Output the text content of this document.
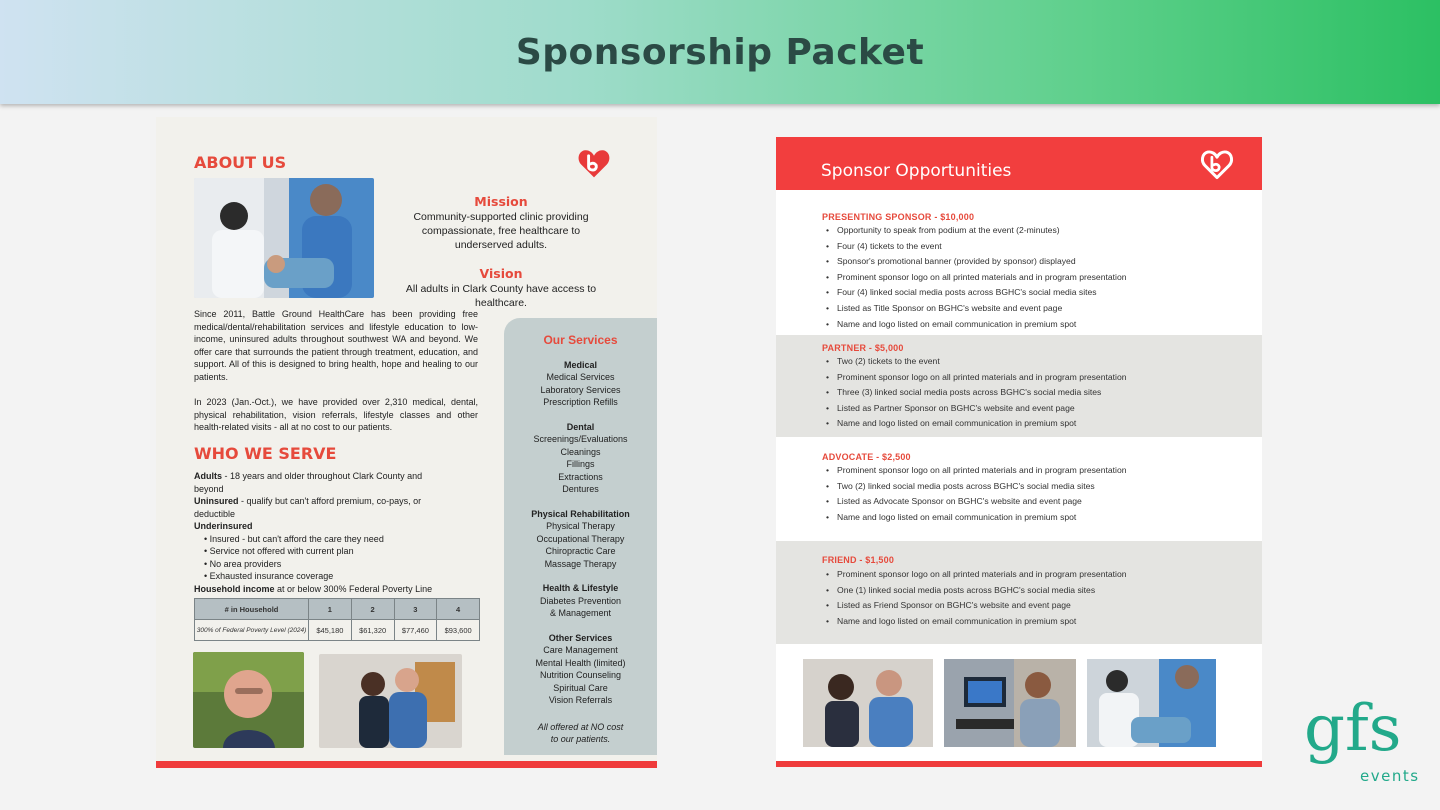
Sponsorship Packet
ABOUT US
Mission
Community-supported clinic providing compassionate, free healthcare to underserved adults.
Vision
All adults in Clark County have access to healthcare.
Since 2011, Battle Ground HealthCare has been providing free medical/dental/rehabilitation services and lifestyle education to low-income, uninsured adults throughout southwest WA and beyond. We offer care that surrounds the patient through treatment, education, and support. All of this is designed to bring health, hope and healing to our patients.
In 2023 (Jan.-Oct.), we have provided over 2,310 medical, dental, physical rehabilitation, vision referrals, lifestyle classes and other health-related visits - all at no cost to our patients.
WHO WE SERVE
Adults - 18 years and older throughout Clark County and beyond
Uninsured - qualify but can't afford premium, co-pays, or deductible
Underinsured
• Insured - but can't afford the care they need
• Service not offered with current plan
• No area providers
• Exhausted insurance coverage
Household income at or below 300% Federal Poverty Line
# in Household	1	2	3	4
300% of Federal Poverty Level (2024)	$45,180	$61,320	$77,460	$93,600
Our Services
Medical
Medical Services
Laboratory Services
Prescription Refills
Dental
Screenings/Evaluations
Cleanings
Fillings
Extractions
Dentures
Physical Rehabilitation
Physical Therapy
Occupational Therapy
Chiropractic Care
Massage Therapy
Health & Lifestyle
Diabetes Prevention
& Management
Other Services
Care Management
Mental Health (limited)
Nutrition Counseling
Spiritual Care
Vision Referrals
All offered at NO cost
to our patients.
Sponsor Opportunities
PRESENTING SPONSOR - $10,000
• Opportunity to speak from podium at the event (2-minutes)
• Four (4) tickets to the event
• Sponsor's promotional banner (provided by sponsor) displayed
• Prominent sponsor logo on all printed materials and in program presentation
• Four (4) linked social media posts across BGHC's social media sites
• Listed as Title Sponsor on BGHC's website and event page
• Name and logo listed on email communication in premium spot
PARTNER - $5,000
• Two (2) tickets to the event
• Prominent sponsor logo on all printed materials and in program presentation
• Three (3) linked social media posts across BGHC's social media sites
• Listed as Partner Sponsor on BGHC's website and event page
• Name and logo listed on email communication in premium spot
ADVOCATE - $2,500
• Prominent sponsor logo on all printed materials and in program presentation
• Two (2) linked social media posts across BGHC's social media sites
• Listed as Advocate Sponsor on BGHC's website and event page
• Name and logo listed on email communication in premium spot
FRIEND - $1,500
• Prominent sponsor logo on all printed materials and in program presentation
• One (1) linked social media posts across BGHC's social media sites
• Listed as Friend Sponsor on BGHC's website and event page
• Name and logo listed on email communication in premium spot
gfs
events
